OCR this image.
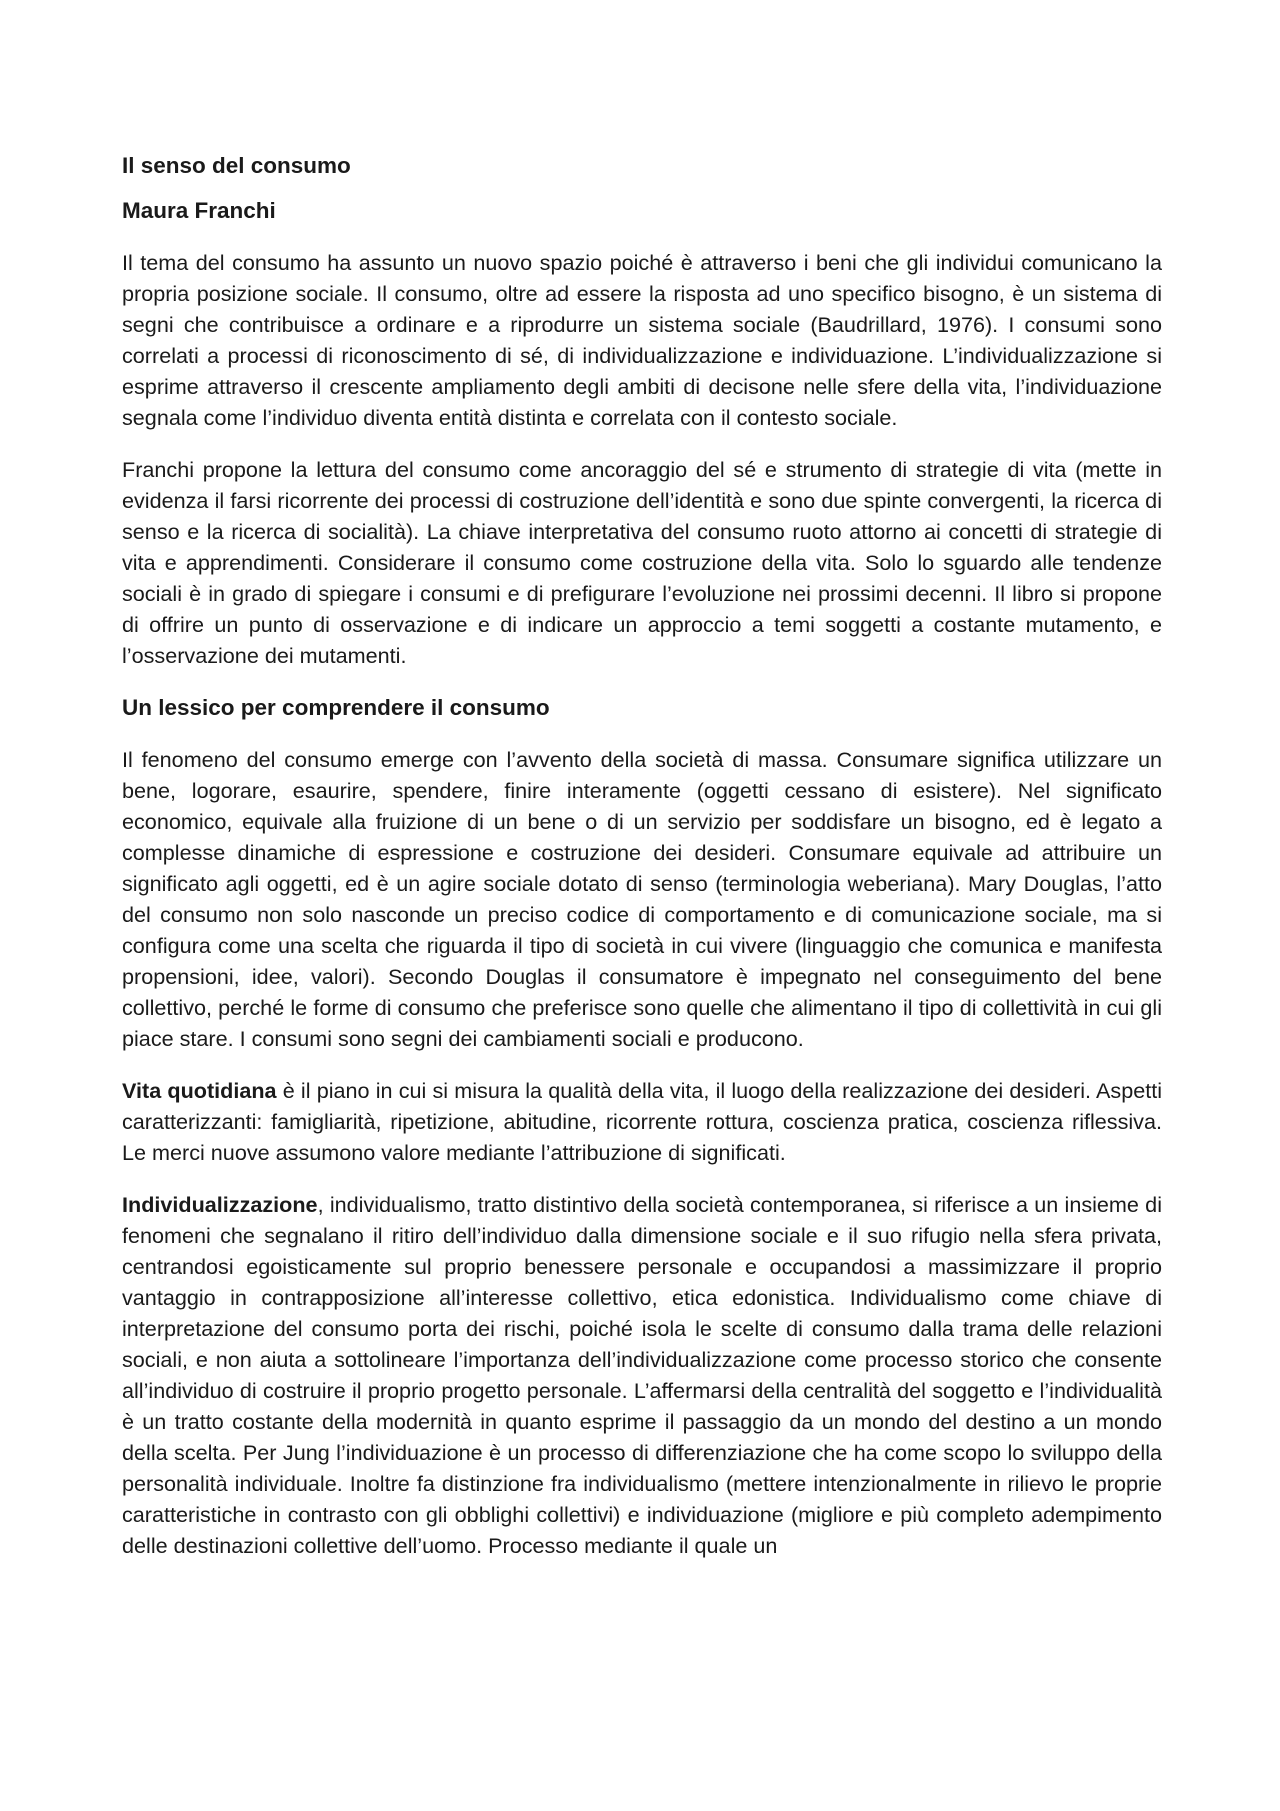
Il senso del consumo
Maura Franchi

Il tema del consumo ha assunto un nuovo spazio poiché è attraverso i beni che gli individui comunicano la propria posizione sociale. Il consumo, oltre ad essere la risposta ad uno specifico bisogno, è un sistema di segni che contribuisce a ordinare e a riprodurre un sistema sociale (Baudrillard, 1976). I consumi sono correlati a processi di riconoscimento di sé, di individualizzazione e individuazione. L’individualizzazione si esprime attraverso il crescente ampliamento degli ambiti di decisone nelle sfere della vita, l’individuazione segnala come l’individuo diventa entità distinta e correlata con il contesto sociale.

Franchi propone la lettura del consumo come ancoraggio del sé e strumento di strategie di vita (mette in evidenza il farsi ricorrente dei processi di costruzione dell’identità e sono due spinte convergenti, la ricerca di senso e la ricerca di socialità). La chiave interpretativa del consumo ruoto attorno ai concetti di strategie di vita e apprendimenti. Considerare il consumo come costruzione della vita. Solo lo sguardo alle tendenze sociali è in grado di spiegare i consumi e di prefigurare l’evoluzione nei prossimi decenni. Il libro si propone di offrire un punto di osservazione e di indicare un approccio a temi soggetti a costante mutamento, e l’osservazione dei mutamenti.

Un lessico per comprendere il consumo

Il fenomeno del consumo emerge con l’avvento della società di massa. Consumare significa utilizzare un bene, logorare, esaurire, spendere, finire interamente (oggetti cessano di esistere). Nel significato economico, equivale alla fruizione di un bene o di un servizio per soddisfare un bisogno, ed è legato a complesse dinamiche di espressione e costruzione dei desideri. Consumare equivale ad attribuire un significato agli oggetti, ed è un agire sociale dotato di senso (terminologia weberiana). Mary Douglas, l’atto del consumo non solo nasconde un preciso codice di comportamento e di comunicazione sociale, ma si configura come una scelta che riguarda il tipo di società in cui vivere (linguaggio che comunica e manifesta propensioni, idee, valori). Secondo Douglas il consumatore è impegnato nel conseguimento del bene collettivo, perché le forme di consumo che preferisce sono quelle che alimentano il tipo di collettività in cui gli piace stare. I consumi sono segni dei cambiamenti sociali e producono.

Vita quotidiana è il piano in cui si misura la qualità della vita, il luogo della realizzazione dei desideri. Aspetti caratterizzanti: famigliarità, ripetizione, abitudine, ricorrente rottura, coscienza pratica, coscienza riflessiva. Le merci nuove assumono valore mediante l’attribuzione di significati.

Individualizzazione, individualismo, tratto distintivo della società contemporanea, si riferisce a un insieme di fenomeni che segnalano il ritiro dell’individuo dalla dimensione sociale e il suo rifugio nella sfera privata, centrandosi egoisticamente sul proprio benessere personale e occupandosi a massimizzare il proprio vantaggio in contrapposizione all’interesse collettivo, etica edonistica. Individualismo come chiave di interpretazione del consumo porta dei rischi, poiché isola le scelte di consumo dalla trama delle relazioni sociali, e non aiuta a sottolineare l’importanza dell’individualizzazione come processo storico che consente all’individuo di costruire il proprio progetto personale. L’affermarsi della centralità del soggetto e l’individualità è un tratto costante della modernità in quanto esprime il passaggio da un mondo del destino a un mondo della scelta. Per Jung l’individuazione è un processo di differenziazione che ha come scopo lo sviluppo della personalità individuale. Inoltre fa distinzione fra individualismo (mettere intenzionalmente in rilievo le proprie caratteristiche in contrasto con gli obblighi collettivi) e individuazione (migliore e più completo adempimento delle destinazioni collettive dell’uomo. Processo mediante il quale un
